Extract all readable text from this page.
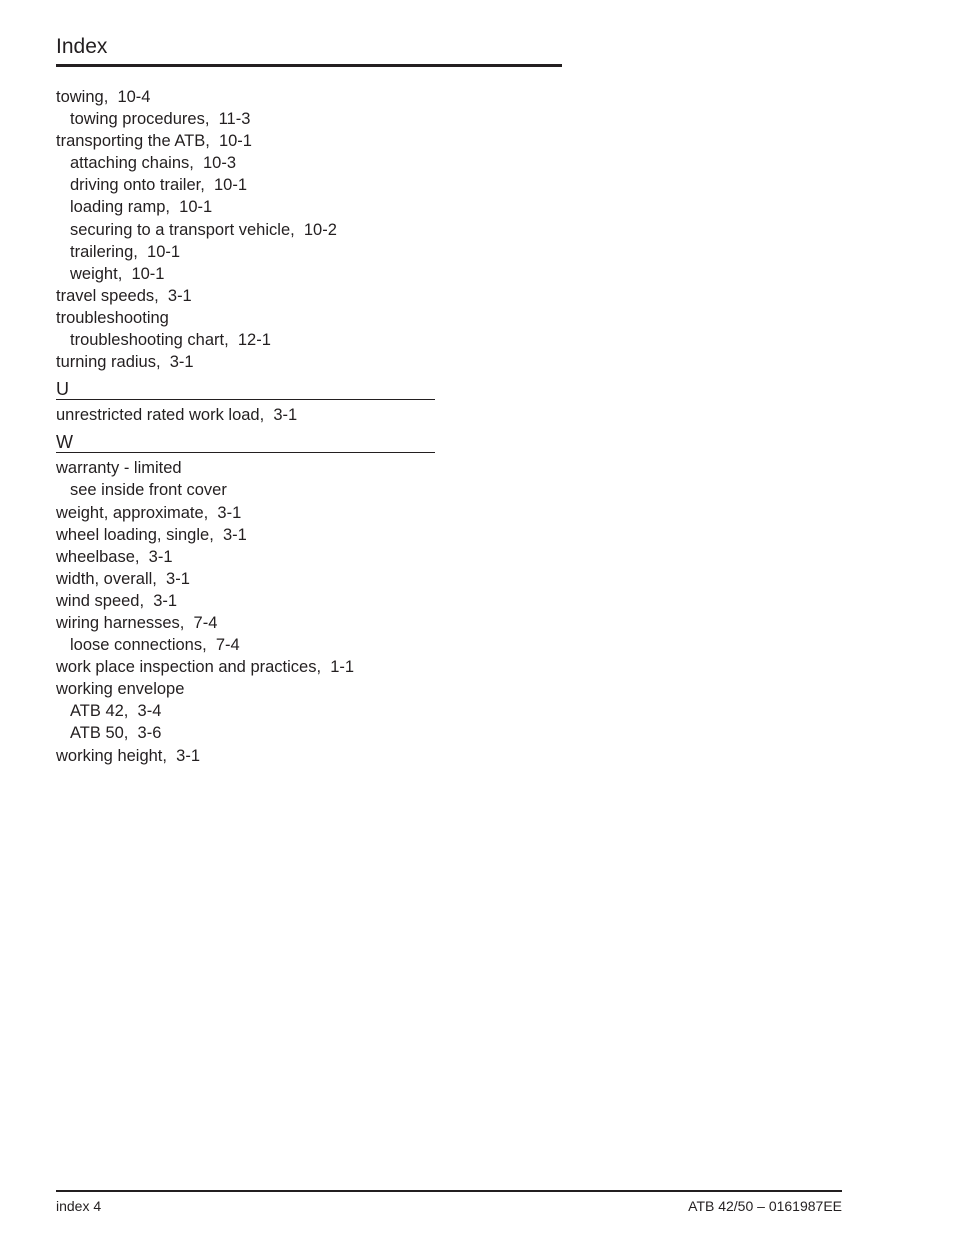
Index
towing,  10-4
towing procedures,  11-3
transporting the ATB,  10-1
attaching chains,  10-3
driving onto trailer,  10-1
loading ramp,  10-1
securing to a transport vehicle,  10-2
trailering,  10-1
weight,  10-1
travel speeds,  3-1
troubleshooting
troubleshooting chart,  12-1
turning radius,  3-1
U
unrestricted rated work load,  3-1
W
warranty - limited
see inside front cover
weight, approximate,  3-1
wheel loading, single,  3-1
wheelbase,  3-1
width, overall,  3-1
wind speed,  3-1
wiring harnesses,  7-4
loose connections,  7-4
work place inspection and practices,  1-1
working envelope
ATB 42,  3-4
ATB 50,  3-6
working height,  3-1
index 4	ATB 42/50 – 0161987EE
